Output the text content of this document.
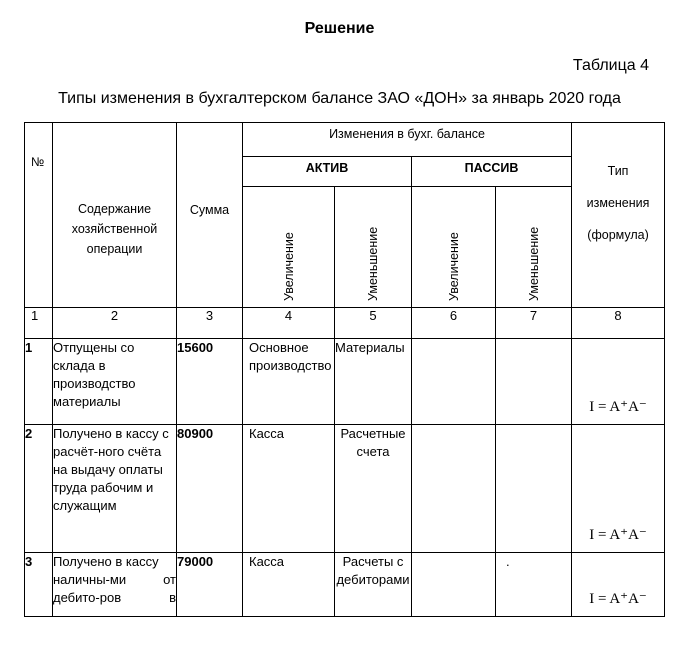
Решение
Таблица 4
Типы изменения в бухгалтерском балансе ЗАО «ДОН» за январь 2020 года
№	Содержание хозяйственной операции	Сумма	Изменения в бухг. балансе				Тип
изменения
(формула)

			АКТИВ		ПАССИВ		

			Увеличение	Уменьшение	Увеличение	Уменьшение	

1	2	3	4	5	6	7	8
1	Отпущены со склада в производство материалы	15600	Основное производство	Материалы			I = A⁺A⁻

2	Получено в кассу с расчёт-ного счёта на выдачу оплаты труда рабочим и служащим	80900	Касса	Расчетные счета			I = A⁺A⁻

3	Получено в кассу
наличны-ми от
дебито-ров в	79000	Касса	Расчеты с дебиторами		.	I = A⁺A⁻
